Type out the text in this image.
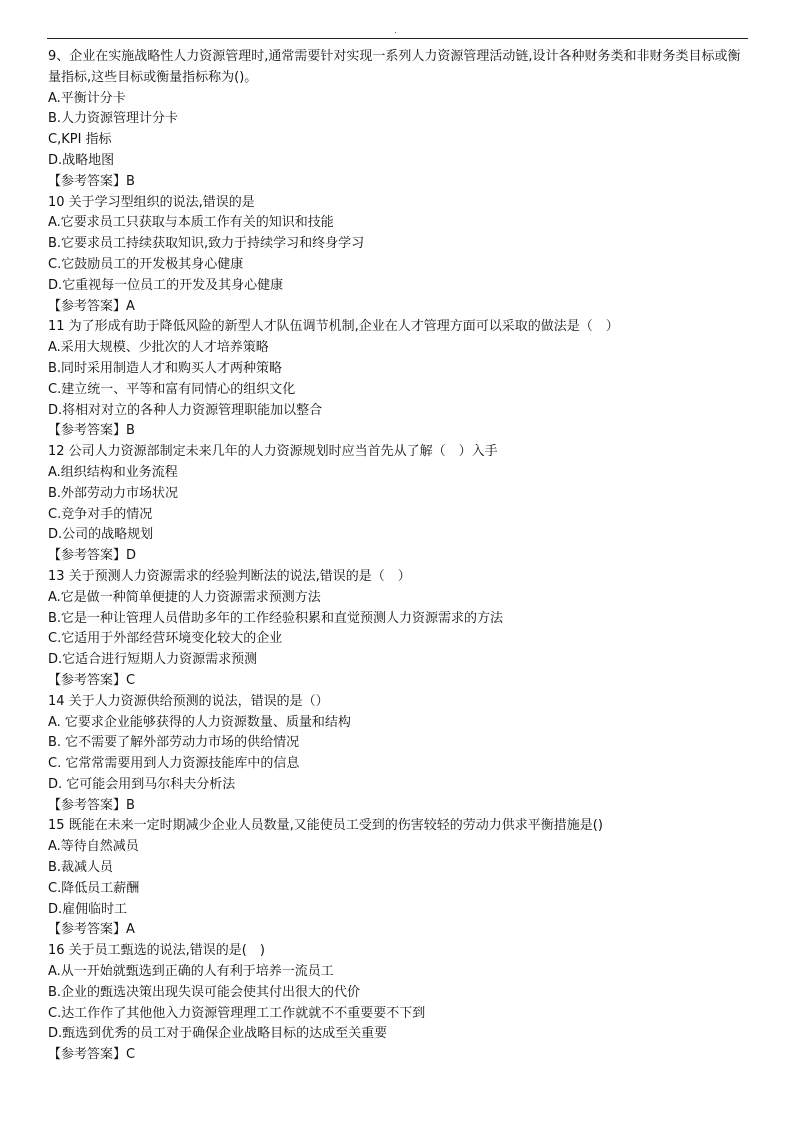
.
9、企业在实施战略性人力资源管理时,通常需要针对实现一系列人力资源管理活动链,设计各种财务类和非财务类目标或衡量指标,这些目标或衡量指标称为()。
A.平衡计分卡
B.人力资源管理计分卡
C,KPI 指标
D.战略地图
【参考答案】B
10 关于学习型组织的说法,错误的是
A.它要求员工只获取与本质工作有关的知识和技能
B.它要求员工持续获取知识,致力于持续学习和终身学习
C.它鼓励员工的开发极其身心健康
D.它重视每一位员工的开发及其身心健康
【参考答案】A
11 为了形成有助于降低风险的新型人才队伍调节机制,企业在人才管理方面可以采取的做法是（　）
A.采用大规模、少批次的人才培养策略
B.同时采用制造人才和购买人才两种策略
C.建立统一、平等和富有同情心的组织文化
D.将相对对立的各种人力资源管理职能加以整合
【参考答案】B
12 公司人力资源部制定未来几年的人力资源规划时应当首先从了解（　）入手
A.组织结构和业务流程
B.外部劳动力市场状况
C.竞争对手的情况
D.公司的战略规划
【参考答案】D
13 关于预测人力资源需求的经验判断法的说法,错误的是（　）
A.它是做一种简单便捷的人力资源需求预测方法
B.它是一种让管理人员借助多年的工作经验积累和直觉预测人力资源需求的方法
C.它适用于外部经营环境变化较大的企业
D.它适合进行短期人力资源需求预测
【参考答案】C
14 关于人力资源供给预测的说法，错误的是（）
A. 它要求企业能够获得的人力资源数量、质量和结构
B. 它不需要了解外部劳动力市场的供给情况
C. 它常常需要用到人力资源技能库中的信息
D. 它可能会用到马尔科夫分析法
【参考答案】B
15 既能在未来一定时期减少企业人员数量,又能使员工受到的伤害较轻的劳动力供求平衡措施是()
A.等待自然减员
B.裁减人员
C.降低员工薪酬
D.雇佣临时工
【参考答案】A
16 关于员工甄选的说法,错误的是(　)
A.从一开始就甄选到正确的人有利于培养一流员工
B.企业的甄选决策出现失误可能会使其付出很大的代价
C.达工作作了其他他入力资源管理理工工作就就不不重要要不下到
D.甄选到优秀的员工对于确保企业战略目标的达成至关重要
【参考答案】C
